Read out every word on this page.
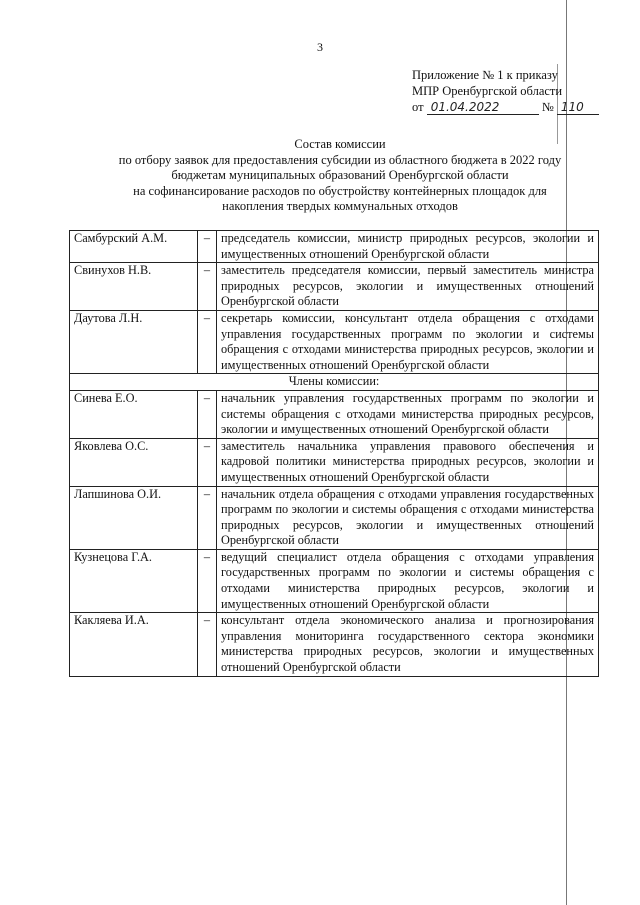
3
Приложение № 1 к приказу
МПР Оренбургской области
от 01.04.2022	№ 110
Состав комиссии
по отбору заявок для предоставления субсидии из областного бюджета в 2022 году
бюджетам муниципальных образований Оренбургской области
на софинансирование расходов по обустройству контейнерных площадок для
накопления твердых коммунальных отходов
Самбурский А.М.	–	председатель комиссии, министр природных ресурсов, экологии и имущественных отношений Оренбургской области
Свинухов Н.В.	–	заместитель председателя комиссии, первый заместитель министра природных ресурсов, экологии и имущественных отношений Оренбургской области
Даутова Л.Н.	–	секретарь комиссии, консультант отдела обращения с отходами управления государственных программ по экологии и системы обращения с отходами министерства природных ресурсов, экологии и имущественных отношений Оренбургской области
Члены комиссии:		
Синева Е.О.	–	начальник управления государственных программ по экологии и системы обращения с отходами министерства природных ресурсов, экологии и имущественных отношений Оренбургской области
Яковлева О.С.	–	заместитель начальника управления правового обеспечения и кадровой политики министерства природных ресурсов, экологии и имущественных отношений Оренбургской области
Лапшинова О.И.	–	начальник отдела обращения с отходами управления государственных программ по экологии и системы обращения с отходами министерства природных ресурсов, экологии и имущественных отношений Оренбургской области
Кузнецова Г.А.	–	ведущий специалист отдела обращения с отходами управления государственных программ по экологии и системы обращения с отходами министерства природных ресурсов, экологии и имущественных отношений Оренбургской области
Какляева И.А.	–	консультант отдела экономического анализа и прогнозирования управления мониторинга государственного сектора экономики министерства природных ресурсов, экологии и имущественных отношений Оренбургской области
